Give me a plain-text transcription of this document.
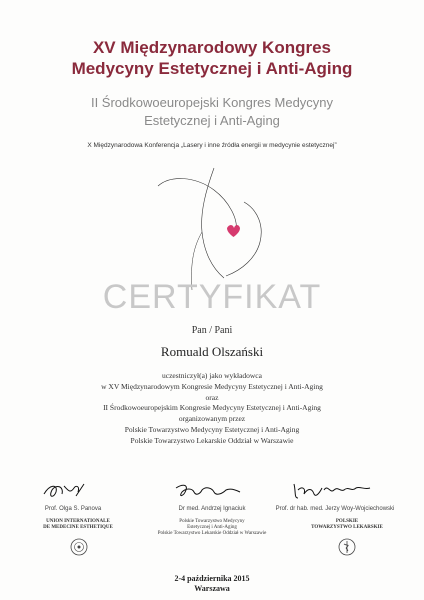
XV Międzynarodowy Kongres
Medycyny Estetycznej i Anti-Aging
II Środkowoeuropejski Kongres Medycyny
Estetycznej i Anti-Aging
X Międzynarodowa Konferencja „Lasery i inne źródła energii w medycynie estetycznej”
CERTYFIKAT
Pan / Pani
Romuald Olszański
uczestniczył(a) jako wykładowca
w XV Międzynarodowym Kongresie Medycyny Estetycznej i Anti-Aging
oraz
II Środkowoeuropejskim Kongresie Medycyny Estetycznej i Anti-Aging
organizowanym przez
Polskie Towarzystwo Medycyny Estetycznej i Anti-Aging
Polskie Towarzystwo Lekarskie Oddział w Warszawie
Prof. Olga S. Panova	Dr med. Andrzej Ignaciuk	Prof. dr hab. med. Jerzy Woy-Wojciechowski
UNION INTERNATIONALE
DE MEDECINE ESTHETIQUE
Polskie Towarzystwo Medycyny
Estetycznej i Anti-Aging
Polskie Towarzystwo Lekarskie Oddział w Warszawie
POLSKIE
TOWARZYSTWO LEKARSKIE
2-4 października 2015
Warszawa
